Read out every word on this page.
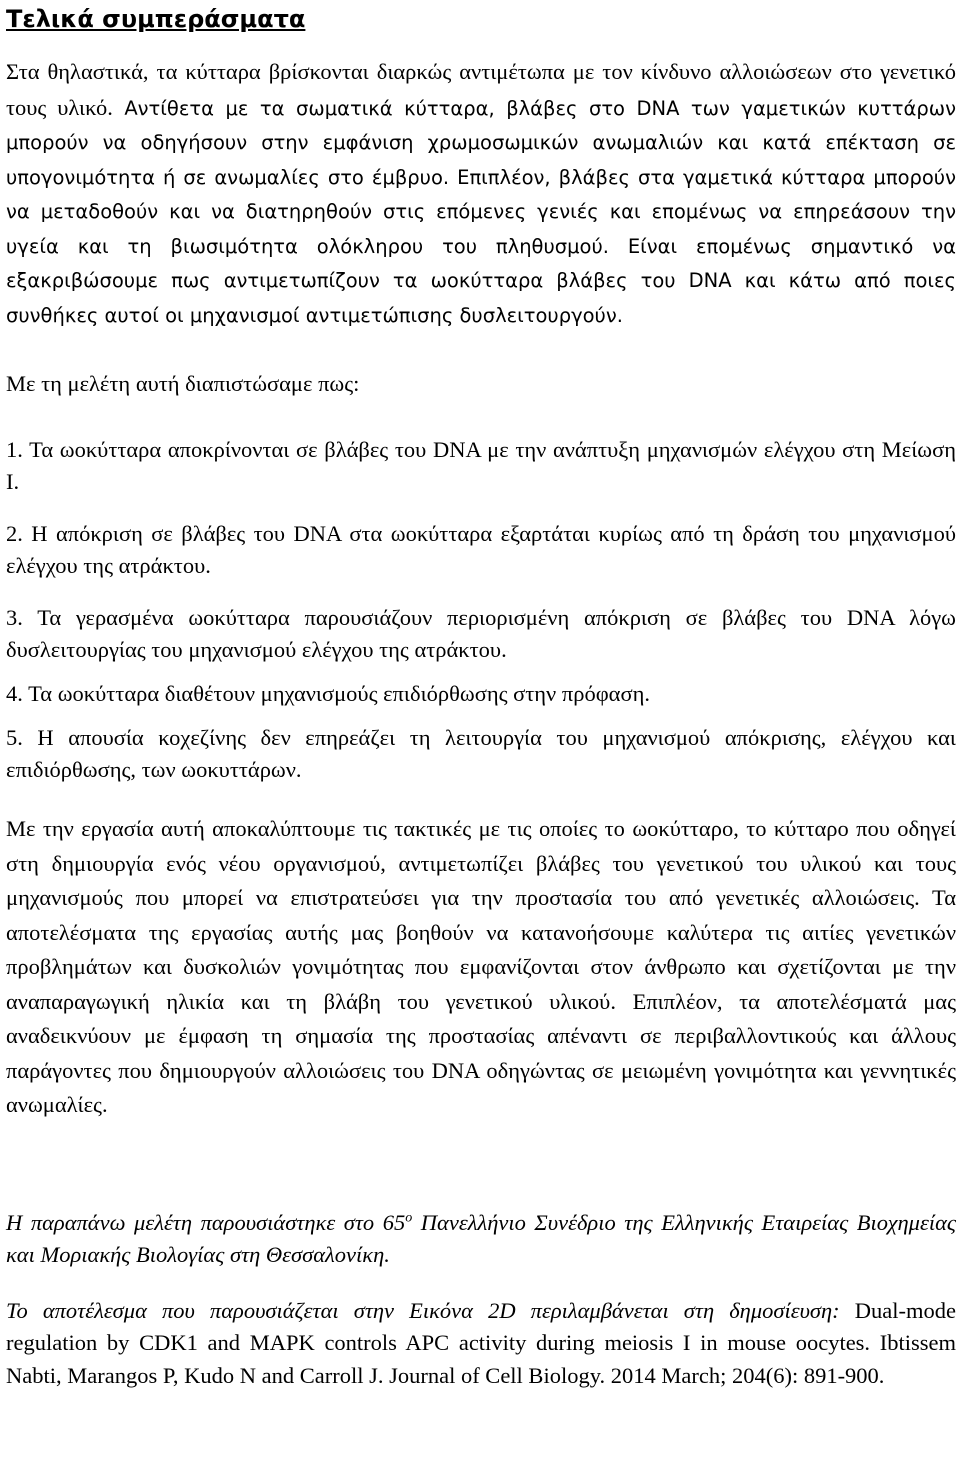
Τελικά συμπεράσματα

Στα θηλαστικά, τα κύτταρα βρίσκονται διαρκώς αντιμέτωπα με τον κίνδυνο αλλοιώσεων στο γενετικό τους υλικό. Αντίθετα με τα σωματικά κύτταρα, βλάβες στο DNA των γαμετικών κυττάρων μπορούν να οδηγήσουν στην εμφάνιση χρωμοσωμικών ανωμαλιών και κατά επέκταση σε υπογονιμότητα ή σε ανωμαλίες στο έμβρυο. Επιπλέον, βλάβες στα γαμετικά κύτταρα μπορούν να μεταδοθούν και να διατηρηθούν στις επόμενες γενιές και επομένως να επηρεάσουν την υγεία και τη βιωσιμότητα ολόκληρου του πληθυσμού. Είναι επομένως σημαντικό να εξακριβώσουμε πως αντιμετωπίζουν τα ωοκύτταρα βλάβες του DNA και κάτω από ποιες συνθήκες αυτοί οι μηχανισμοί αντιμετώπισης δυσλειτουργούν.

Με τη μελέτη αυτή διαπιστώσαμε πως:

1. Τα ωοκύτταρα αποκρίνονται σε βλάβες του DNA με την ανάπτυξη μηχανισμών ελέγχου στη Μείωση Ι.

2. Η απόκριση σε βλάβες του DNA στα ωοκύτταρα εξαρτάται κυρίως από τη δράση του μηχανισμού ελέγχου της ατράκτου.

3. Τα γερασμένα ωοκύτταρα παρουσιάζουν περιορισμένη απόκριση σε βλάβες του DNA λόγω δυσλειτουργίας του μηχανισμού ελέγχου της ατράκτου.

4. Τα ωοκύτταρα διαθέτουν μηχανισμούς επιδιόρθωσης στην πρόφαση.

5. Η απουσία κοχεζίνης δεν επηρεάζει τη λειτουργία του μηχανισμού απόκρισης, ελέγχου και επιδιόρθωσης, των ωοκυττάρων.

Με την εργασία αυτή αποκαλύπτουμε τις τακτικές με τις οποίες το ωοκύτταρο, το κύτταρο που οδηγεί στη δημιουργία ενός νέου οργανισμού, αντιμετωπίζει βλάβες του γενετικού του υλικού και τους μηχανισμούς που μπορεί να επιστρατεύσει για την προστασία του από γενετικές αλλοιώσεις. Τα αποτελέσματα της εργασίας αυτής μας βοηθούν να κατανοήσουμε καλύτερα τις αιτίες γενετικών προβλημάτων και δυσκολιών γονιμότητας που εμφανίζονται στον άνθρωπο και σχετίζονται με την αναπαραγωγική ηλικία και τη βλάβη του γενετικού υλικού. Επιπλέον, τα αποτελέσματά μας αναδεικνύουν με έμφαση τη σημασία της προστασίας απέναντι σε περιβαλλοντικούς και άλλους παράγοντες που δημιουργούν αλλοιώσεις του DNA οδηγώντας σε μειωμένη γονιμότητα και γεννητικές ανωμαλίες.

Η παραπάνω μελέτη παρουσιάστηκε στο $65^o$ Πανελλήνιο Συνέδριο της Ελληνικής Εταιρείας Βιοχημείας και Μοριακής Βιολογίας στη Θεσσαλονίκη.

Το αποτέλεσμα που παρουσιάζεται στην Εικόνα 2D περιλαμβάνεται στη δημοσίευση: Dual-mode regulation by CDK1 and MAPK controls APC activity during meiosis I in mouse oocytes. Ibtissem Nabti, Marangos P, Kudo N and Carroll J. Journal of Cell Biology. 2014 March; 204(6): 891-900.
